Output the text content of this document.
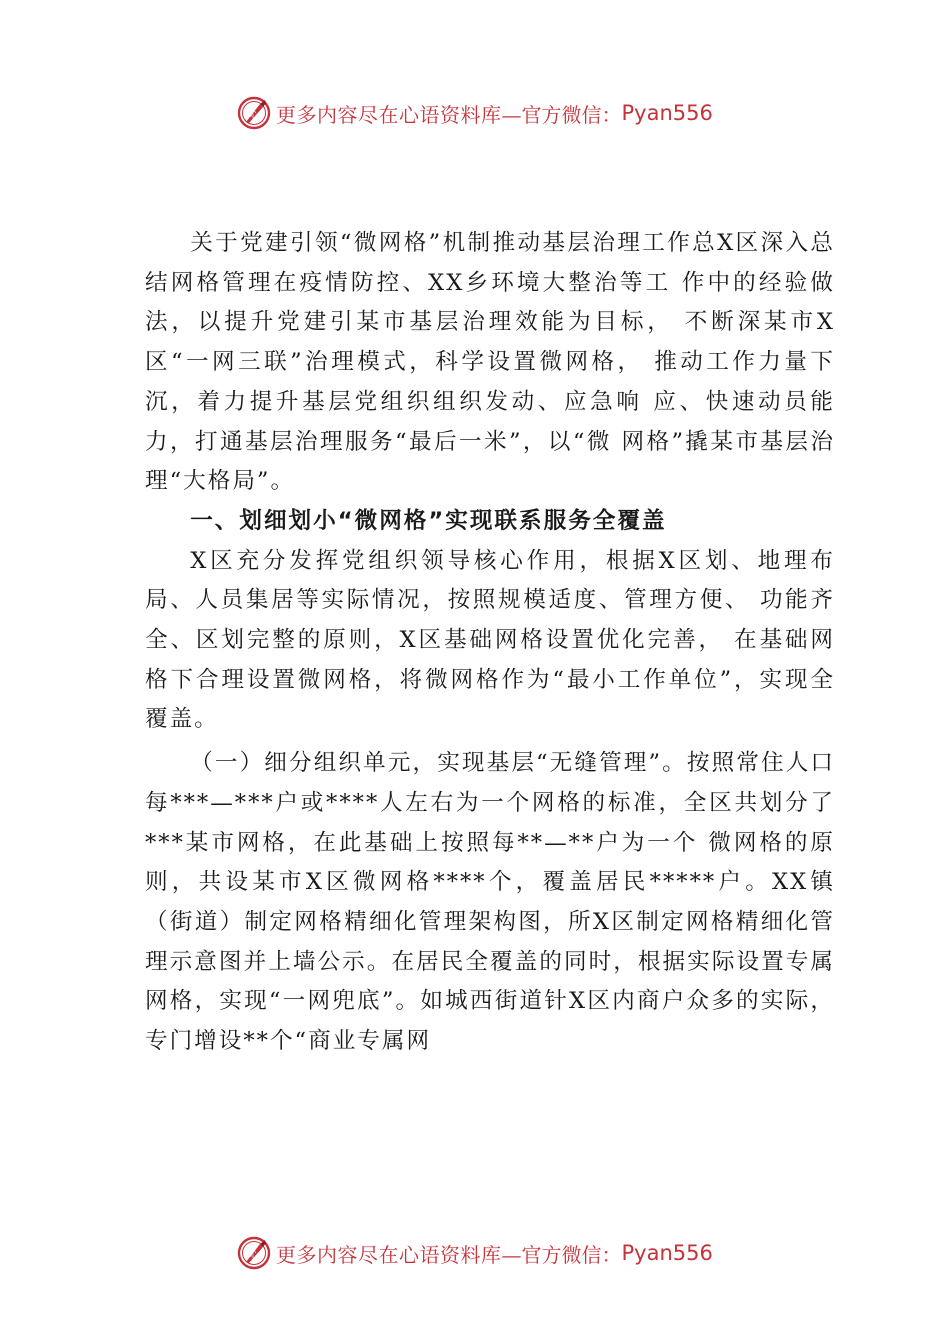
心 更多内容尽在心语资料库 —官方微信： Pyan556

关于党建引领“微网格”机制推动基层治理工作总X区深入总结网格管理在疫情防控、XX乡环境大整治等工 作中的经验做法，以提升党建引某市基层治理效能为目标， 不断深某市X区“一网三联”治理模式，科学设置微网格， 推动工作力量下沉，着力提升基层党组织组织发动、应急响 应、快速动员能力，打通基层治理服务“最后一米”，以“微 网格”撬某市基层治理“大格局”。

一、划细划小“微网格”实现联系服务全覆盖

X区充分发挥党组织领导核心作用，根据X区划、地理布局、人员集居等实际情况，按照规模适度、管理方便、 功能齐全、区划完整的原则，X区基础网格设置优化完善， 在基础网格下合理设置微网格，将微网格作为“最小工作单位”，实现全覆盖。

（一）细分组织单元，实现基层“无缝管理”。按照常住人口每***—***户或****人左右为一个网格的标准，全区共划分了***某市网格，在此基础上按照每**—**户为一个 微网格的原则，共设某市X区微网格****个，覆盖居民*****户。XX镇（街道）制定网格精细化管理架构图，所X区制定网格精细化管理示意图并上墙公示。在居民全覆盖的同时，根据实际设置专属网格，实现“一网兜底”。如城西街道针X区内商户众多的实际，专门增设**个“商业专属网

心 更多内容尽在心语资料库 —官方微信： Pyan556
